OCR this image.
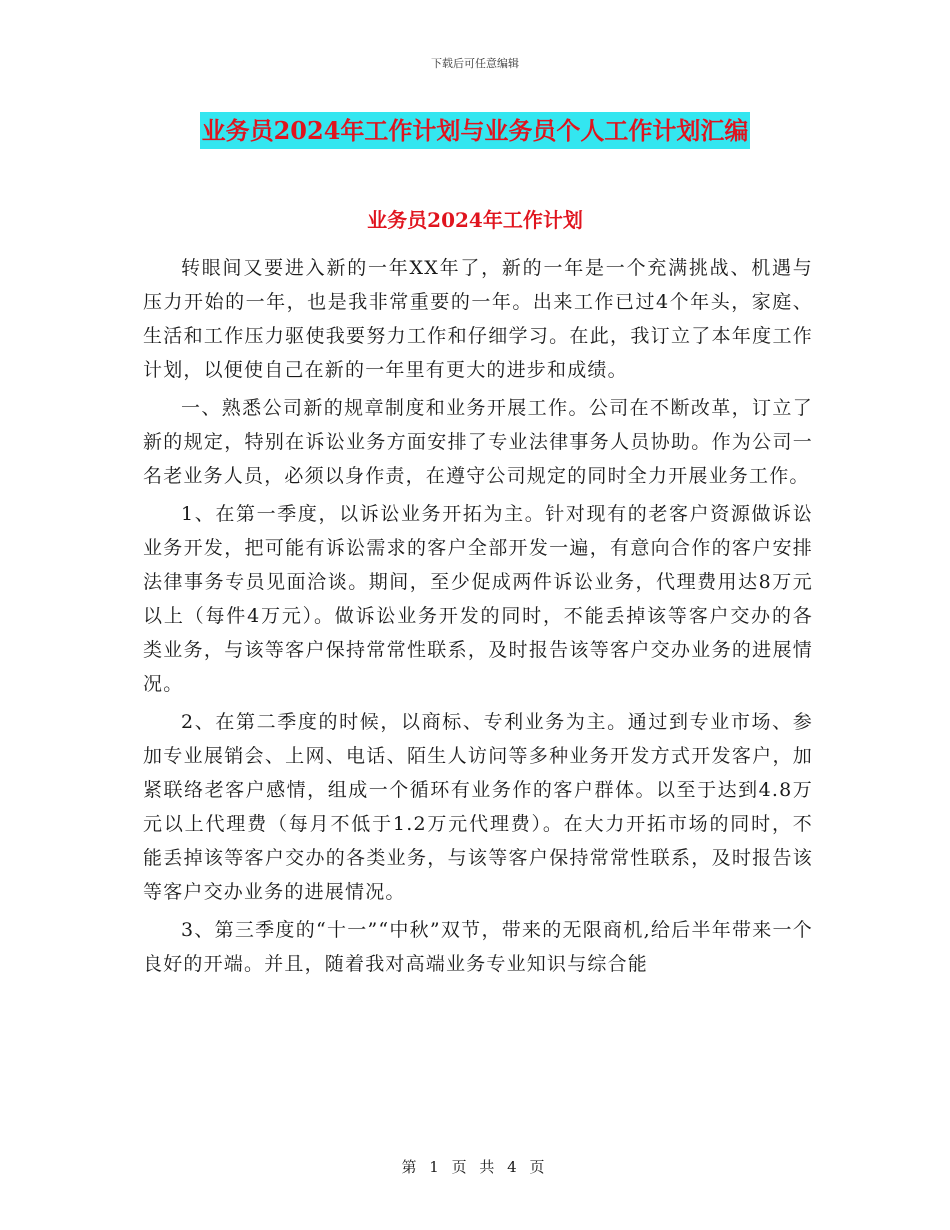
下载后可任意编辑
业务员2024年工作计划与业务员个人工作计划汇编
业务员2024年工作计划

转眼间又要进入新的一年XX年了，新的一年是一个充满挑战、机遇与压力开始的一年，也是我非常重要的一年。出来工作已过4个年头，家庭、生活和工作压力驱使我要努力工作和仔细学习。在此，我订立了本年度工作计划，以便使自己在新的一年里有更大的进步和成绩。

一、熟悉公司新的规章制度和业务开展工作。公司在不断改革，订立了新的规定，特别在诉讼业务方面安排了专业法律事务人员协助。作为公司一名老业务人员，必须以身作责，在遵守公司规定的同时全力开展业务工作。

1、在第一季度，以诉讼业务开拓为主。针对现有的老客户资源做诉讼业务开发，把可能有诉讼需求的客户全部开发一遍，有意向合作的客户安排法律事务专员见面洽谈。期间，至少促成两件诉讼业务，代理费用达8万元以上（每件4万元）。做诉讼业务开发的同时，不能丢掉该等客户交办的各类业务，与该等客户保持常常性联系，及时报告该等客户交办业务的进展情况。

2、在第二季度的时候，以商标、专利业务为主。通过到专业市场、参加专业展销会、上网、电话、陌生人访问等多种业务开发方式开发客户，加紧联络老客户感情，组成一个循环有业务作的客户群体。以至于达到4.8万元以上代理费（每月不低于1.2万元代理费）。在大力开拓市场的同时，不能丢掉该等客户交办的各类业务，与该等客户保持常常性联系，及时报告该等客户交办业务的进展情况。

3、第三季度的“十一”“中秋”双节，带来的无限商机,给后半年带来一个良好的开端。并且，随着我对高端业务专业知识与综合能

第 1 页 共 4 页
